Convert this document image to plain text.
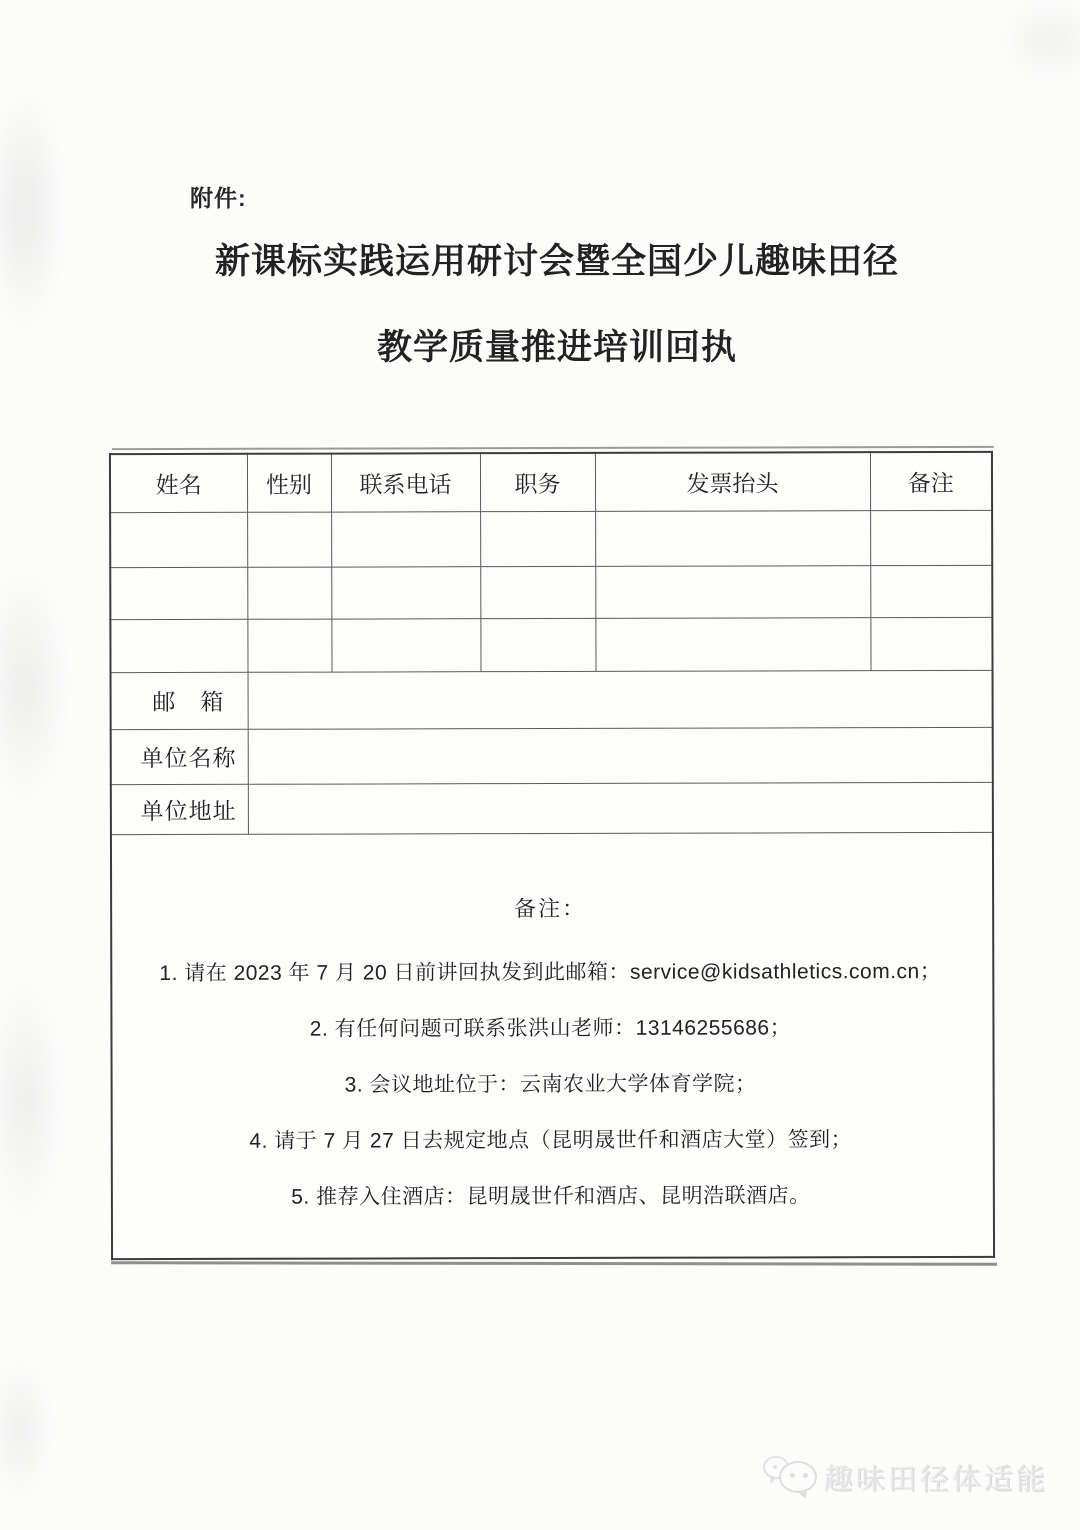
附件:
新课标实践运用研讨会暨全国少儿趣味田径
教学质量推进培训回执
姓名	性别	联系电话	职务	发票抬头	备注

邮　箱					
单位名称					
单位地址					

备注：
1. 请在 2023 年 7 月 20 日前讲回执发到此邮箱：service@kidsathletics.com.cn；
2. 有任何问题可联系张洪山老师：13146255686；
3. 会议地址位于：云南农业大学体育学院；
4. 请于 7 月 27 日去规定地点（昆明晟世仟和酒店大堂）签到；
5. 推荐入住酒店：昆明晟世仟和酒店、昆明浩联酒店。
趣味田径体适能
